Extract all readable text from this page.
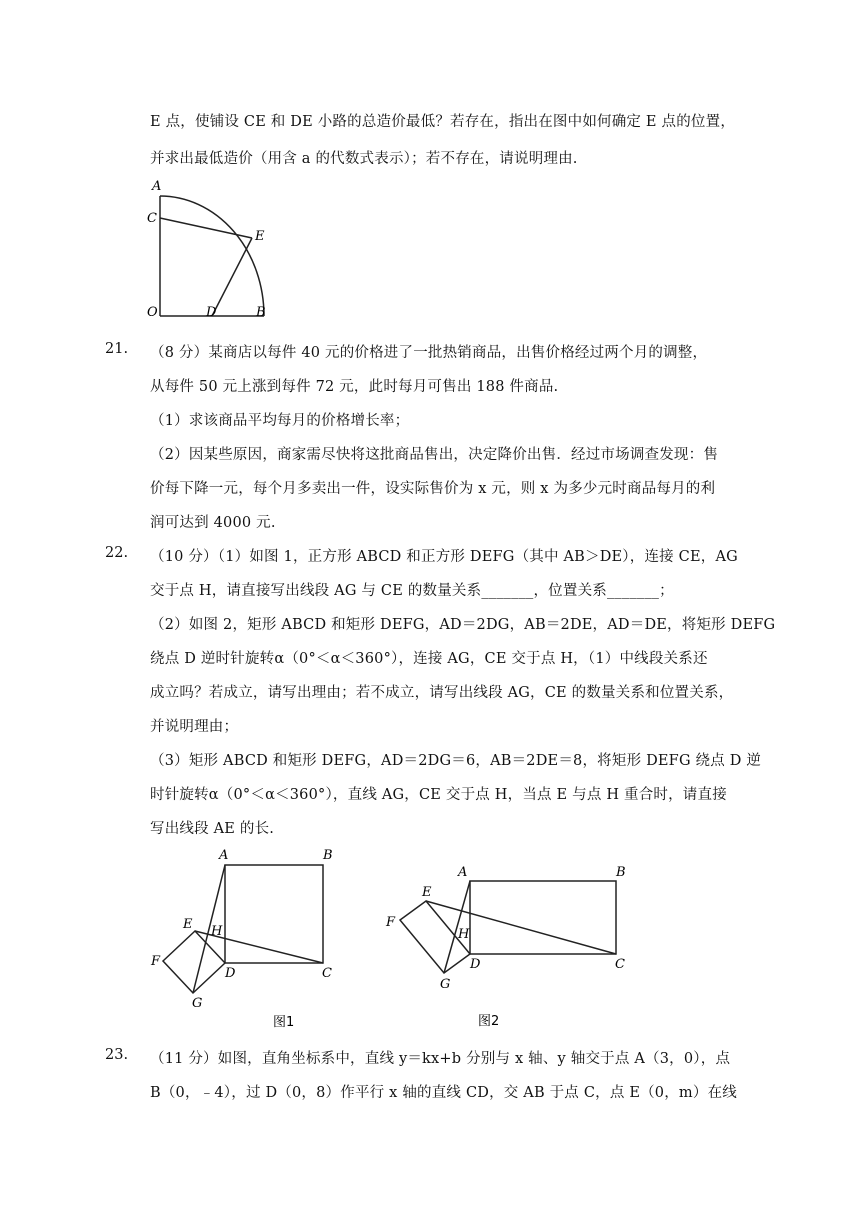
E 点，使铺设 CE 和 DE 小路的总造价最低？若存在，指出在图中如何确定 E 点的位置，
并求出最低造价（用含 a 的代数式表示）；若不存在，请说明理由.
A
C
E
O	D	B
21. （8 分）某商店以每件 40 元的价格进了一批热销商品，出售价格经过两个月的调整，
从每件 50 元上涨到每件 72 元，此时每月可售出 188 件商品.
（1）求该商品平均每月的价格增长率；
（2）因某些原因，商家需尽快将这批商品售出，决定降价出售．经过市场调查发现：售
价每下降一元，每个月多卖出一件，设实际售价为 x 元，则 x 为多少元时商品每月的利
润可达到 4000 元.
22. （10 分）（1）如图 1，正方形 ABCD 和正方形 DEFG（其中 AB＞DE），连接 CE，AG
交于点 H，请直接写出线段 AG 与 CE 的数量关系_______，位置关系_______；
（2）如图 2，矩形 ABCD 和矩形 DEFG，AD＝2DG，AB＝2DE，AD＝DE，将矩形 DEFG
绕点 D 逆时针旋转α（0°＜α＜360°），连接 AG，CE 交于点 H，（1）中线段关系还
成立吗？若成立，请写出理由；若不成立，请写出线段 AG，CE 的数量关系和位置关系，
并说明理由；
（3）矩形 ABCD 和矩形 DEFG，AD＝2DG＝6，AB＝2DE＝8，将矩形 DEFG 绕点 D 逆
时针旋转α（0°＜α＜360°），直线 AG，CE 交于点 H，当点 E 与点 H 重合时，请直接
写出线段 AE 的长.
A	B
E H
F
D	C
G
图1
A	B
E
F
H
D	C
G
图2
23. （11 分）如图，直角坐标系中，直线 y＝kx+b 分别与 x 轴、y 轴交于点 A（3，0），点
B（0，﹣4），过 D（0，8）作平行 x 轴的直线 CD，交 AB 于点 C，点 E（0，m）在线
